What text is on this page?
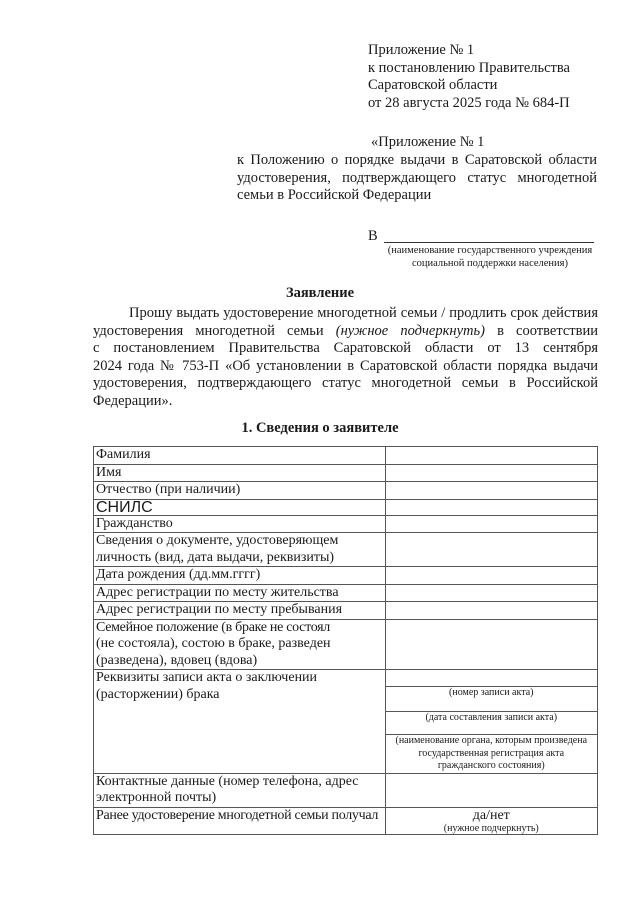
Приложение № 1
к постановлению Правительства
Саратовской области
от 28 августа 2025 года № 684-П
«Приложение № 1
к Положению о порядке выдачи в Саратовской области
удостоверения, подтверждающего статус многодетной
семьи в Российской Федерации
В
(наименование государственного учреждения
социальной поддержки населения)
Заявление
Прошу выдать удостоверение многодетной семьи / продлить срок действия
удостоверения многодетной семьи (нужное подчеркнуть) в соответствии
с постановлением Правительства Саратовской области от 13 сентября
2024 года № 753-П «Об установлении в Саратовской области порядка выдачи
удостоверения, подтверждающего статус многодетной семьи в Российской
Федерации».
1. Сведения о заявителе
Фамилия	
Имя	
Отчество (при наличии)	
СНИЛС	
Гражданство	

Сведения о документе, удостоверяющем
личность (вид, дата выдачи, реквизиты)	

Дата рождения (дд.мм.гггг)	
Адрес регистрации по месту жительства	
Адрес регистрации по месту пребывания	

Семейное положение (в браке не состоял
(не состояла), состою в браке, разведен
(разведена), вдовец (вдова)	

Реквизиты записи акта о заключении
(расторжении) брака	

	(номер записи акта)
	(дата составления записи акта)
	(наименование органа, которым произведена государственная регистрация акта гражданского состояния)

Контактные данные (номер телефона, адрес
электронной почты)	

Ранее удостоверение многодетной семьи получал	да/нет
(нужное подчеркнуть)
